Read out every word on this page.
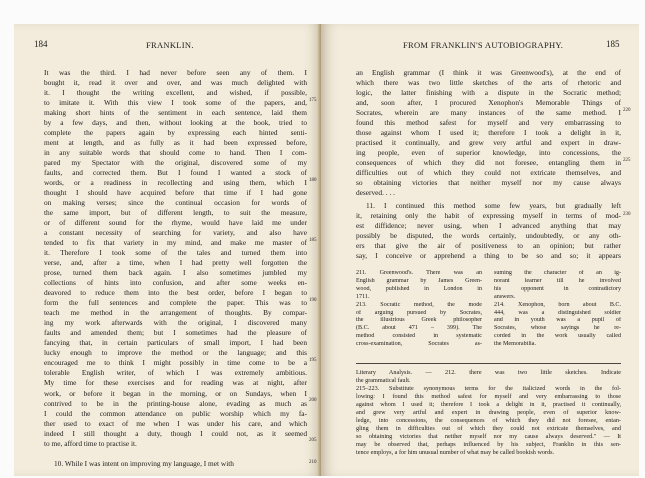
184	FRANKLIN.
It was the third. I had never before seen any of them. I
bought it, read it over and over, and was much delighted with
it. I thought the writing excellent, and wished, if possible,
to imitate it. With this view I took some of the papers, and,
making short hints of the sentiment in each sentence, laid them
by a few days, and then, without looking at the book, tried to
complete the papers again by expressing each hinted senti-
ment at length, and as fully as it had been expressed before,
in any suitable words that should come to hand. Then I com-
pared my Spectator with the original, discovered some of my
faults, and corrected them. But I found I wanted a stock of
words, or a readiness in recollecting and using them, which I
thought I should have acquired before that time if I had gone
on making verses; since the continual occasion for words of
the same import, but of different length, to suit the measure,
or of different sound for the rhyme, would have laid me under
a constant necessity of searching for variety, and also have
tended to fix that variety in my mind, and make me master of
it. Therefore I took some of the tales and turned them into
verse, and, after a time, when I had pretty well forgotten the
prose, turned them back again. I also sometimes jumbled my
collections of hints into confusion, and after some weeks en-
deavored to reduce them into the best order, before I began to
form the full sentences and complete the paper. This was to
teach me method in the arrangement of thoughts. By compar-
ing my work afterwards with the original, I discovered many
faults and amended them; but I sometimes had the pleasure of
fancying that, in certain particulars of small import, I had been
lucky enough to improve the method or the language; and this
encouraged me to think I might possibly in time come to be a
tolerable English writer, of which I was extremely ambitious.
My time for these exercises and for reading was at night, after
work, or before it began in the morning, or on Sundays, when I
contrived to be in the printing-house alone, evading as much as
I could the common attendance on public worship which my fa-
ther used to exact of me when I was under his care, and which
indeed I still thought a duty, though I could not, as it seemed
to me, afford time to practise it.
10. While I was intent on improving my language, I met with
175
180
185
190
195
200
205
210
FROM FRANKLIN'S AUTOBIOGRAPHY.	185
an English grammar (I think it was Greenwood's), at the end of
which there was two little sketches of the arts of rhetoric and
logic, the latter finishing with a dispute in the Socratic method;
and, soon after, I procured Xenophon's Memorable Things of
Socrates, wherein are many instances of the same method. I
found this method safest for myself and very embarrassing to
those against whom I used it; therefore I took a delight in it,
practised it continually, and grew very artful and expert in draw-
ing people, even of superior knowledge, into concessions, the
consequences of which they did not foresee, entangling them in
difficulties out of which they could not extricate themselves, and
so obtaining victories that neither myself nor my cause always
deserved. . . .
11. I continued this method some few years, but gradually left
it, retaining only the habit of expressing myself in terms of mod-
est diffidence; never using, when I advanced anything that may
possibly be disputed, the words certainly, undoubtedly, or any oth-
ers that give the air of positiveness to an opinion; but rather
say, I conceive or apprehend a thing to be so and so; it appears
220
225
230
211. Greenwood's. There was an
English grammar by James Green-
wood, published in London in
1711.
213. Socratic method, the mode
of arguing pursued by Socrates,
the illustrious Greek philosopher
(B.C. about 471 – 399). The
method consisted in systematic
cross-examination, Socrates as-
suming the character of an ig-
norant learner till he involved
his opponent in contradictory
answers.
214. Xenophon, born about B.C.
444, was a distinguished soldier
and in youth was a pupil of
Socrates, whose sayings he re-
corded in the work usually called
the Memorabilia.
Literary Analysis. — 212. there was two little sketches. Indicate
the grammatical fault.
215–223. Substitute synonymous terms for the italicized words in the fol-
lowing: I found this method safest for myself and very embarrassing to those
against whom I used it; therefore I took a delight in it, practised it continually,
and grew very artful and expert in drawing people, even of superior know-
ledge, into concessions, the consequences of which they did not foresee, entan-
gling them in difficulties out of which they could not extricate themselves, and
so obtaining victories that neither myself nor my cause always deserved." — It
may be observed that, perhaps influenced by his subject, Franklin in this sen-
tence employs, a for him unusual number of what may be called bookish words.
